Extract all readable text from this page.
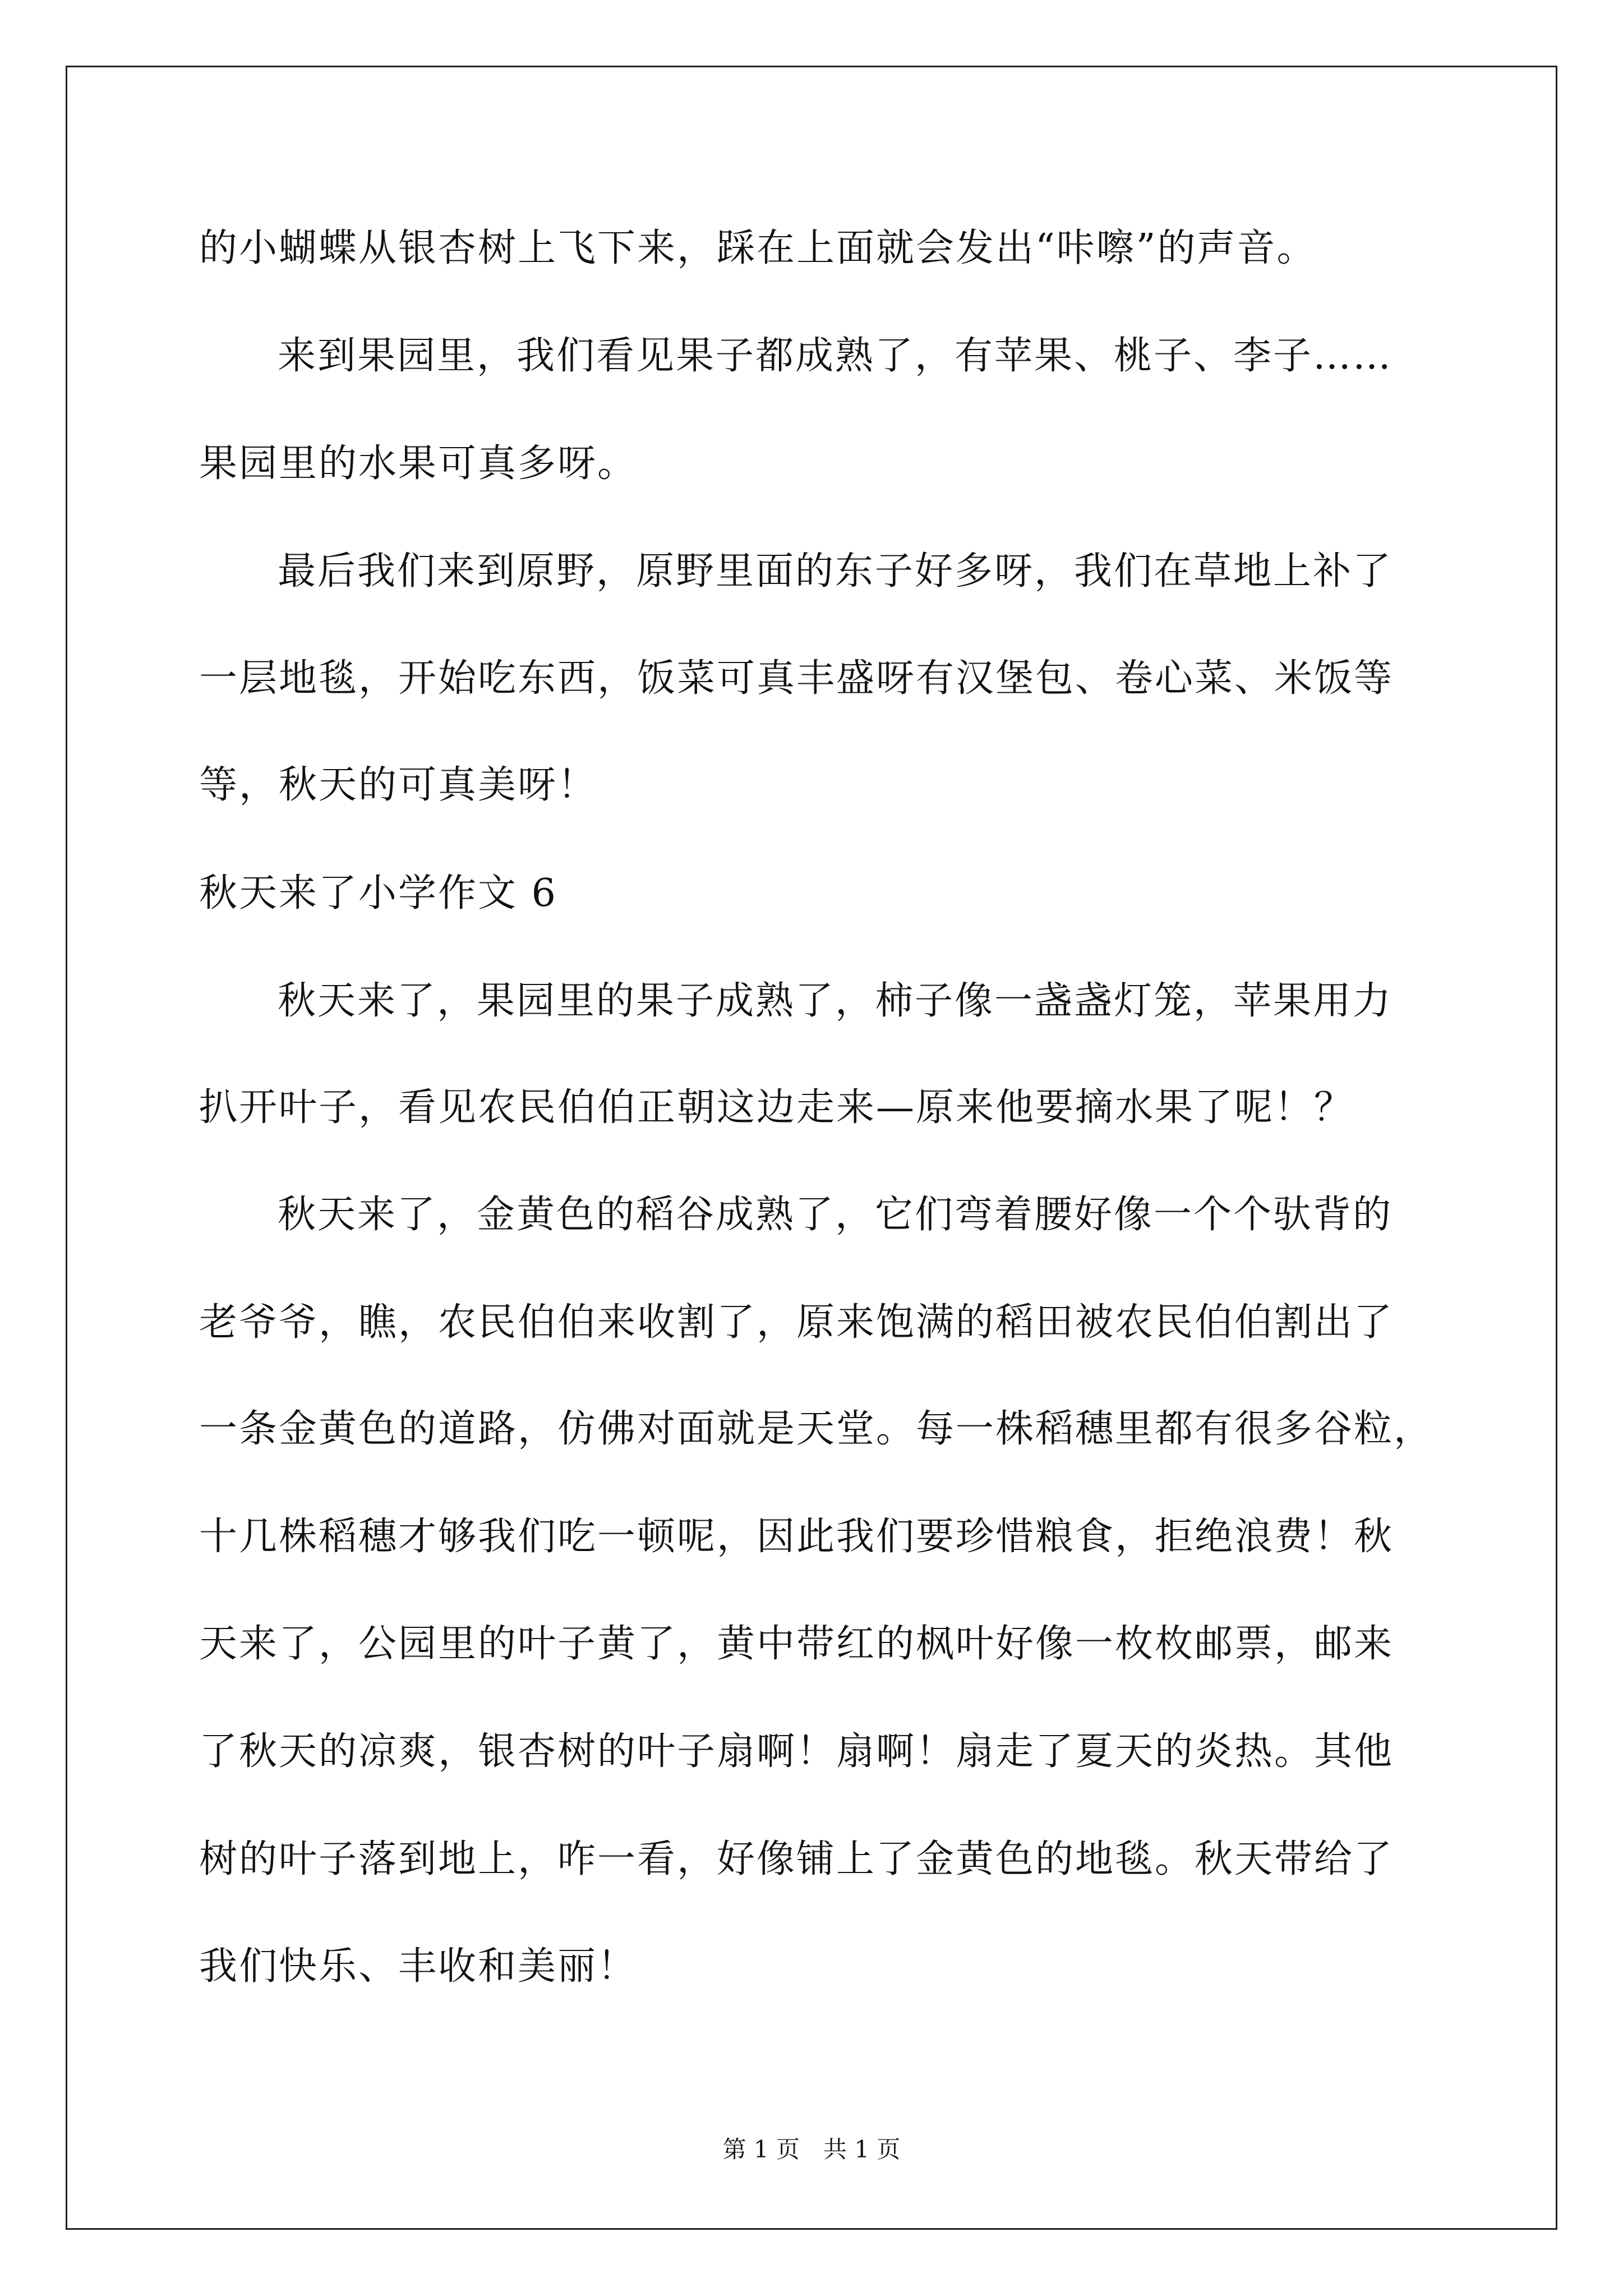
的小蝴蝶从银杏树上飞下来，踩在上面就会发出“咔嚓”的声音。
来到果园里，我们看见果子都成熟了，有苹果、桃子、李子……
果园里的水果可真多呀。
最后我们来到原野，原野里面的东子好多呀，我们在草地上补了
一层地毯，开始吃东西，饭菜可真丰盛呀有汉堡包、卷心菜、米饭等
等，秋天的可真美呀！
秋天来了小学作文 6
秋天来了，果园里的果子成熟了，柿子像一盏盏灯笼，苹果用力
扒开叶子，看见农民伯伯正朝这边走来—原来他要摘水果了呢！？
秋天来了，金黄色的稻谷成熟了，它们弯着腰好像一个个驮背的
老爷爷，瞧，农民伯伯来收割了，原来饱满的稻田被农民伯伯割出了
一条金黄色的道路，仿佛对面就是天堂。每一株稻穗里都有很多谷粒，
十几株稻穗才够我们吃一顿呢，因此我们要珍惜粮食，拒绝浪费！秋
天来了，公园里的叶子黄了，黄中带红的枫叶好像一枚枚邮票，邮来
了秋天的凉爽，银杏树的叶子扇啊！扇啊！扇走了夏天的炎热。其他
树的叶子落到地上，咋一看，好像铺上了金黄色的地毯。秋天带给了
我们快乐、丰收和美丽！
第 1 页　共 1 页
